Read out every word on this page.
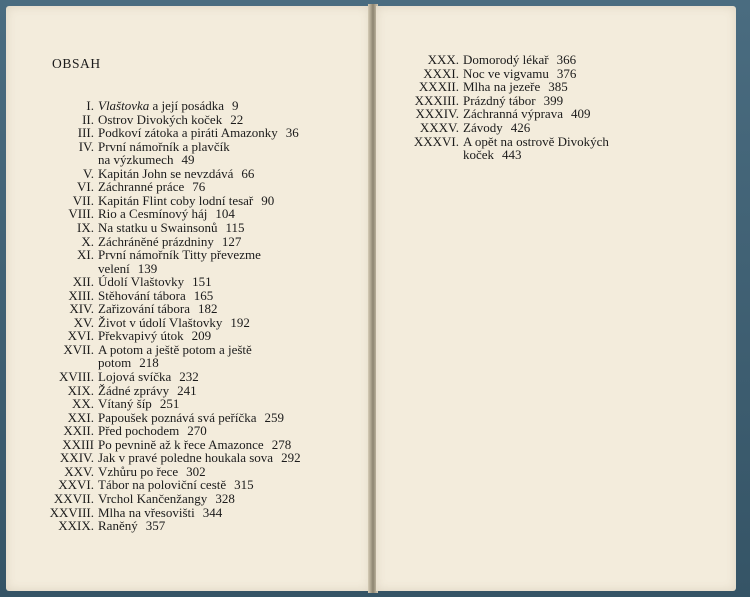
OBSAH
I. Vlaštovka a její posádka 9
II. Ostrov Divokých koček 22
III. Podkoví zátoka a piráti Amazonky 36
IV. První námořník a plavčík
na výzkumech 49
V. Kapitán John se nevzdává 66
VI. Záchranné práce 76
VII. Kapitán Flint coby lodní tesař 90
VIII. Rio a Cesmínový háj 104
IX. Na statku u Swainsonů 115
X. Záchráněné prázdniny 127
XI. První námořník Titty převezme
velení 139
XII. Údolí Vlaštovky 151
XIII. Stěhování tábora 165
XIV. Zařizování tábora 182
XV. Život v údolí Vlaštovky 192
XVI. Překvapivý útok 209
XVII. A potom a ještě potom a ještě
potom 218
XVIII. Lojová svíčka 232
XIX. Žádné zprávy 241
XX. Vítaný šíp 251
XXI. Papoušek poznává svá peříčka 259
XXII. Před pochodem 270
XXIII Po pevnině až k řece Amazonce 278
XXIV. Jak v pravé poledne houkala sova 292
XXV. Vzhůru po řece 302
XXVI. Tábor na poloviční cestě 315
XXVII. Vrchol Kančenžangy 328
XXVIII. Mlha na vřesovišti 344
XXIX. Raněný 357
XXX. Domorodý lékař 366
XXXI. Noc ve vigvamu 376
XXXII. Mlha na jezeře 385
XXXIII. Prázdný tábor 399
XXXIV. Záchranná výprava 409
XXXV. Závody 426
XXXVI. A opět na ostrově Divokých
koček 443
